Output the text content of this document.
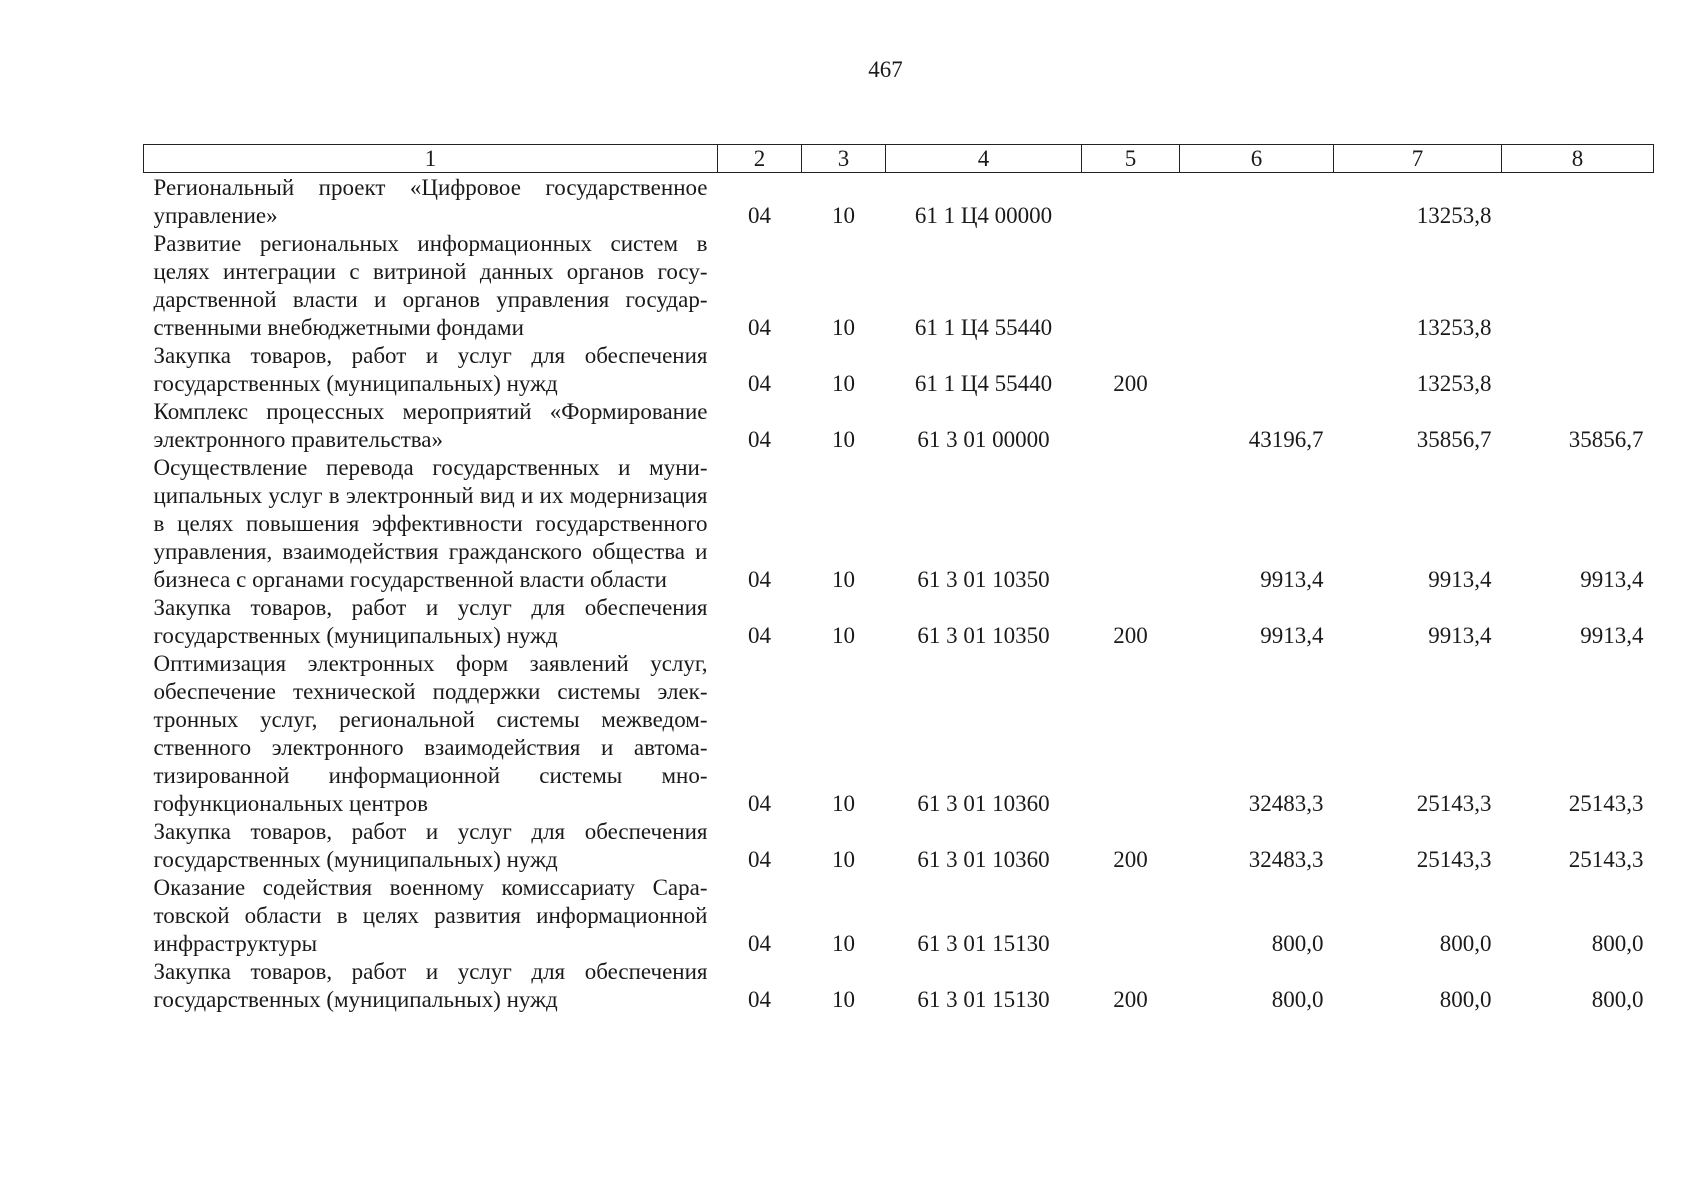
467
1	2	3	4	5	6	7	8
Региональный проект «Цифровое государственное управление»	04	10	61 1 Ц4 00000			13253,8	
Развитие региональных информационных систем в целях интеграции с витриной данных органов государственной власти и органов управления государственными внебюджетными фондами	04	10	61 1 Ц4 55440			13253,8	
Закупка товаров, работ и услуг для обеспечения государственных (муниципальных) нужд	04	10	61 1 Ц4 55440	200		13253,8	
Комплекс процессных мероприятий «Формирование электронного правительства»	04	10	61 3 01 00000		43196,7	35856,7	35856,7
Осуществление перевода государственных и муниципальных услуг в электронный вид и их модернизация в целях повышения эффективности государственного управления, взаимодействия гражданского общества и бизнеса с органами государственной власти области	04	10	61 3 01 10350		9913,4	9913,4	9913,4
Закупка товаров, работ и услуг для обеспечения государственных (муниципальных) нужд	04	10	61 3 01 10350	200	9913,4	9913,4	9913,4
Оптимизация электронных форм заявлений услуг, обеспечение технической поддержки системы электронных услуг, региональной системы межведомственного электронного взаимодействия и автоматизированной информационной системы многофункциональных центров	04	10	61 3 01 10360		32483,3	25143,3	25143,3
Закупка товаров, работ и услуг для обеспечения государственных (муниципальных) нужд	04	10	61 3 01 10360	200	32483,3	25143,3	25143,3
Оказание содействия военному комиссариату Саратовской области в целях развития информационной инфраструктуры	04	10	61 3 01 15130		800,0	800,0	800,0
Закупка товаров, работ и услуг для обеспечения государственных (муниципальных) нужд	04	10	61 3 01 15130	200	800,0	800,0	800,0
